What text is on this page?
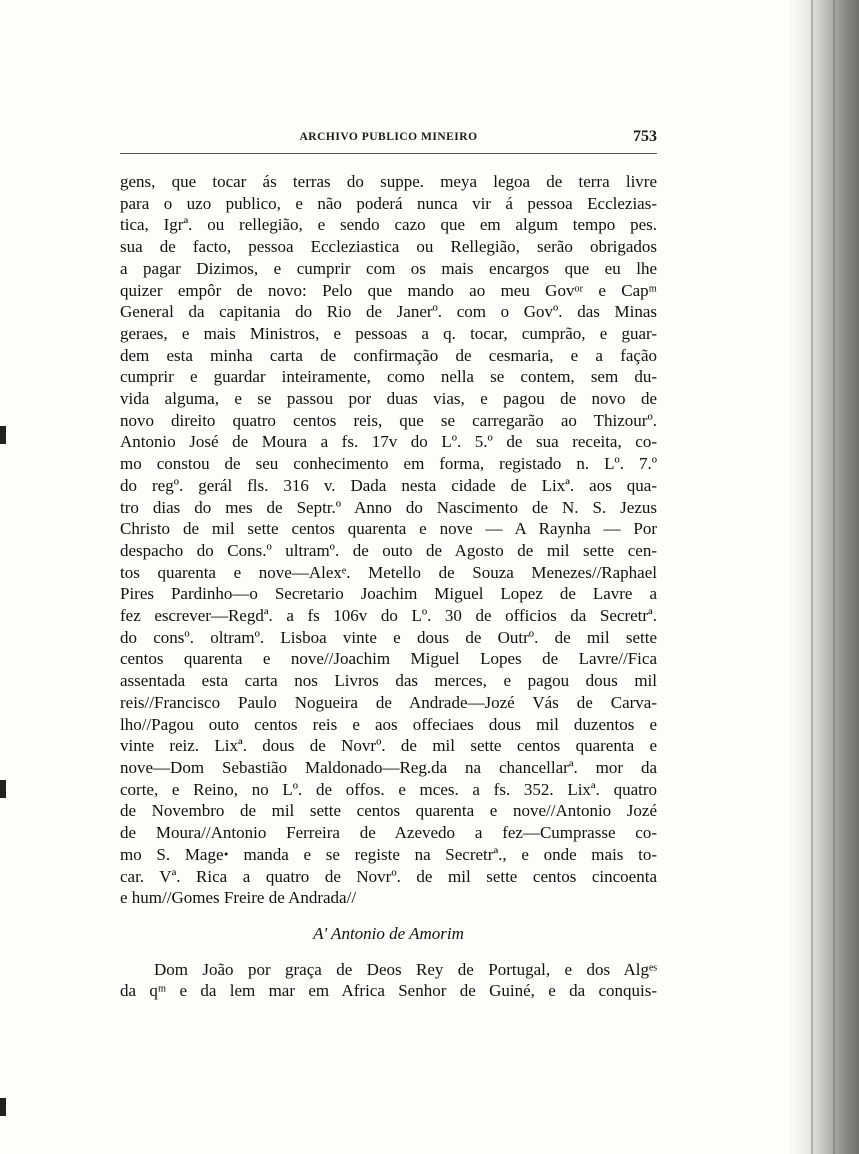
ARCHIVO PUBLICO MINEIRO	753
gens, que tocar ás terras do suppe. meya legoa de terra livre
para o uzo publico, e não poderá nunca vir á pessoa Ecclezias-
tica, Igrª. ou rellegião, e sendo cazo que em algum tempo pes.
sua de facto, pessoa Eccleziastica ou Rellegião, serão obrigados
a pagar Dizimos, e cumprir com os mais encargos que eu lhe
quizer empôr de novo: Pelo que mando ao meu Govᵒʳ e Capᵐ
General da capitania do Rio de Janerº. com o Govº. das Minas
geraes, e mais Ministros, e pessoas a q. tocar, cumprão, e guar-
dem esta minha carta de confirmação de cesmaria, e a fação
cumprir e guardar inteiramente, como nella se contem, sem du-
vida alguma, e se passou por duas vias, e pagou de novo de
novo direito quatro centos reis, que se carregarão ao Thizourº.
Antonio José de Moura a fs. 17v do Lº. 5.º de sua receita, co-
mo constou de seu conhecimento em forma, registado n. Lº. 7.º
do regº. gerál fls. 316 v. Dada nesta cidade de Lixª. aos qua-
tro dias do mes de Septr.º Anno do Nascimento de N. S. Jezus
Christo de mil sette centos quarenta e nove — A Raynha — Por
despacho do Cons.º ultramº. de outo de Agosto de mil sette cen-
tos quarenta e nove—Alexᵉ. Metello de Souza Menezes//Raphael
Pires Pardinho—o Secretario Joachim Miguel Lopez de Lavre a
fez escrever—Regdª. a fs 106v do Lº. 30 de officios da Secretrª.
do consº. oltramº. Lisboa vinte e dous de Outrº. de mil sette
centos quarenta e nove//Joachim Miguel Lopes de Lavre//Fica
assentada esta carta nos Livros das merces, e pagou dous mil
reis//Francisco Paulo Nogueira de Andrade—Jozé Vás de Carva-
lho//Pagou outo centos reis e aos offeciaes dous mil duzentos e
vinte reiz. Lixª. dous de Novrº. de mil sette centos quarenta e
nove—Dom Sebastião Maldonado—Reg.da na chancellarª. mor da
corte, e Reino, no Lº. de offos. e mces. a fs. 352. Lixª. quatro
de Novembro de mil sette centos quarenta e nove//Antonio Jozé
de Moura//Antonio Ferreira de Azevedo a fez—Cumprasse co-
mo S. Mageꞏ manda e se registe na Secretrª., e onde mais to-
car. Vª. Rica a quatro de Novrº. de mil sette centos cincoenta
e hum//Gomes Freire de Andrada//
A' Antonio de Amorim
Dom João por graça de Deos Rey de Portugal, e dos Algᵉˢ
da qᵐ e da lem mar em Africa Senhor de Guiné, e da conquis-
